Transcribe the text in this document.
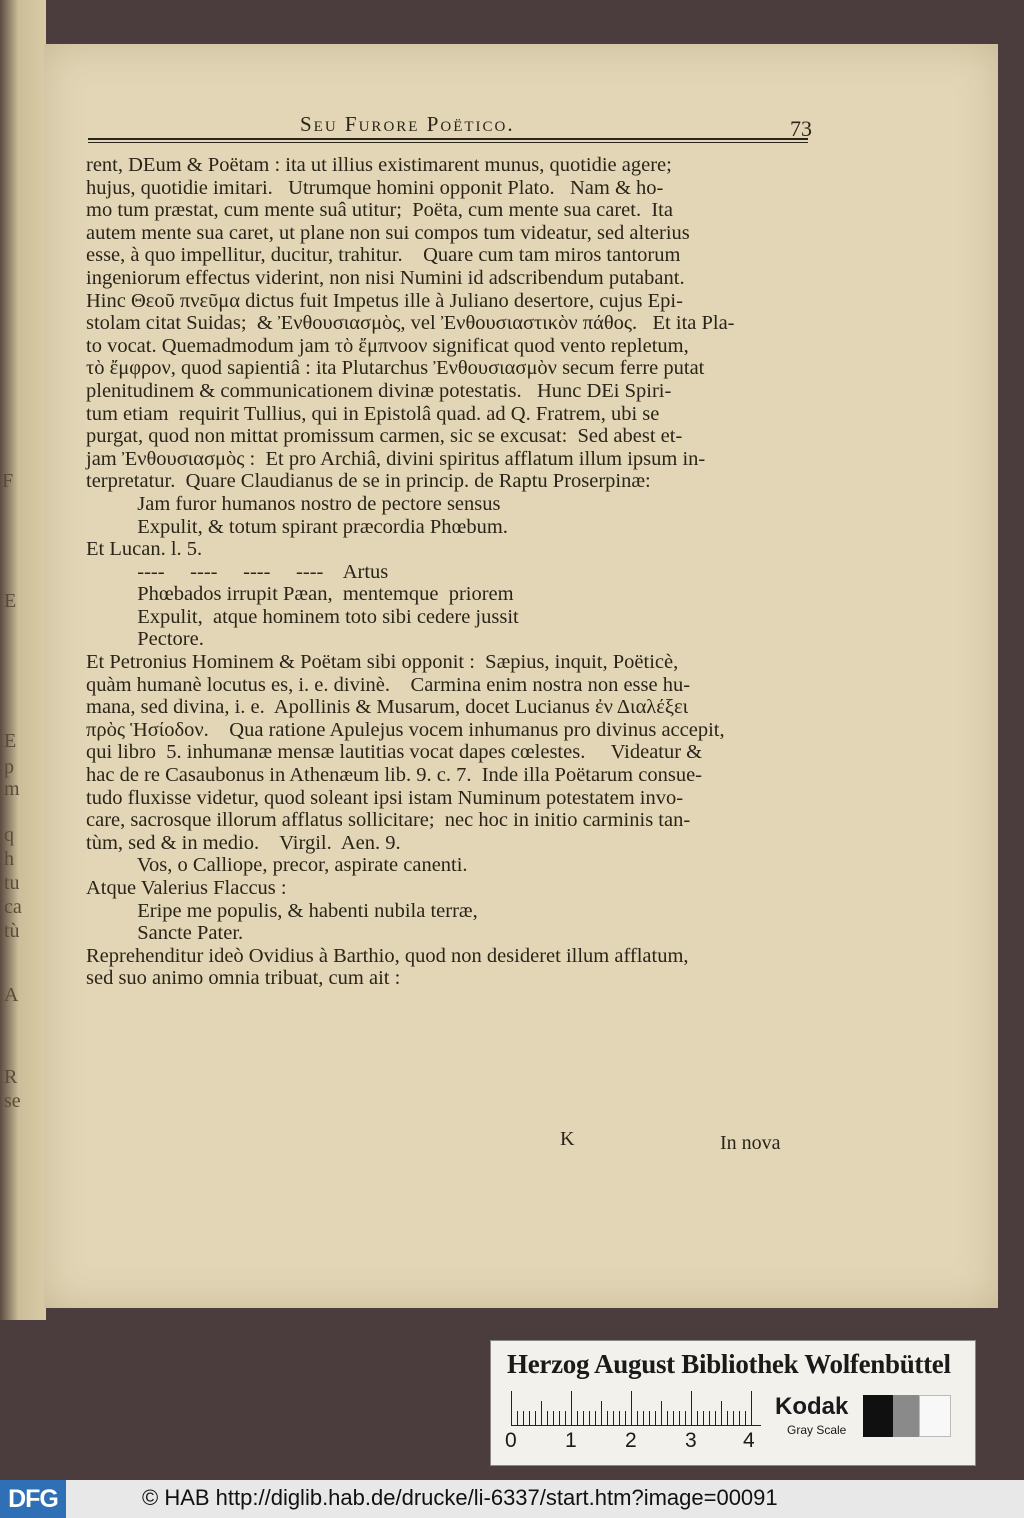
F
E
E
p
m
q
h
tu
ca
tù
A
R
se
Seu Furore Poëtico.	73
rent, DEum & Poëtam : ita ut illius existimarent munus, quotidie agere;
hujus, quotidie imitari.   Utrumque homini opponit Plato.   Nam & ho-
mo tum præstat, cum mente suâ utitur;  Poëta, cum mente sua caret.  Ita
autem mente sua caret, ut plane non sui compos tum videatur, sed alterius
esse, à quo impellitur, ducitur, trahitur.    Quare cum tam miros tantorum
ingeniorum effectus viderint, non nisi Numini id adscribendum putabant.
Hinc Θεοῦ πνεῦμα dictus fuit Impetus ille à Juliano desertore, cujus Epi-
stolam citat Suidas;  & Ἐνθουσιασμὸς, vel Ἐνθουσιαστικὸν πάθος.   Et ita Pla-
to vocat. Quemadmodum jam τὸ ἔμπνοον significat quod vento repletum,
τὸ ἔμφρον, quod sapientiâ : ita Plutarchus Ἐνθουσιασμὸν secum ferre putat
plenitudinem & communicationem divinæ potestatis.   Hunc DEi Spiri-
tum etiam  requirit Tullius, qui in Epistolâ quad. ad Q. Fratrem, ubi se
purgat, quod non mittat promissum carmen, sic se excusat:  Sed abest et-
jam Ἐνθουσιασμὸς :  Et pro Archiâ, divini spiritus afflatum illum ipsum in-
terpretatur.  Quare Claudianus de se in princip. de Raptu Proserpinæ:
Jam furor humanos nostro de pectore sensus
Expulit, & totum spirant præcordia Phœbum.
Et Lucan. l. 5.
----     ----     ----     ----    Artus
Phœbados irrupit Pæan,  mentemque  priorem
Expulit,  atque hominem toto sibi cedere jussit
Pectore.
Et Petronius Hominem & Poëtam sibi opponit :  Sæpius, inquit, Poëticè,
quàm humanè locutus es, i. e. divinè.    Carmina enim nostra non esse hu-
mana, sed divina, i. e.  Apollinis & Musarum, docet Lucianus ἐν Διαλέξει
πρὸς Ἡσίοδον.    Qua ratione Apulejus vocem inhumanus pro divinus accepit,
qui libro  5. inhumanæ mensæ lautitias vocat dapes cœlestes.     Videatur &
hac de re Casaubonus in Athenæum lib. 9. c. 7.  Inde illa Poëtarum consue-
tudo fluxisse videtur, quod soleant ipsi istam Numinum potestatem invo-
care, sacrosque illorum afflatus sollicitare;  nec hoc in initio carminis tan-
tùm, sed & in medio.    Virgil.  Aen. 9.
Vos, o Calliope, precor, aspirate canenti.
Atque Valerius Flaccus :
Eripe me populis, & habenti nubila terræ,
Sancte Pater.
Reprehenditur ideò Ovidius à Barthio, quod non desideret illum afflatum,
sed suo animo omnia tribuat, cum ait :
K	In nova
Herzog August Bibliothek Wolfenbüttel
0 1 2 3 4
Kodak
Gray Scale
DFG	© HAB http://diglib.hab.de/drucke/li-6337/start.htm?image=00091
